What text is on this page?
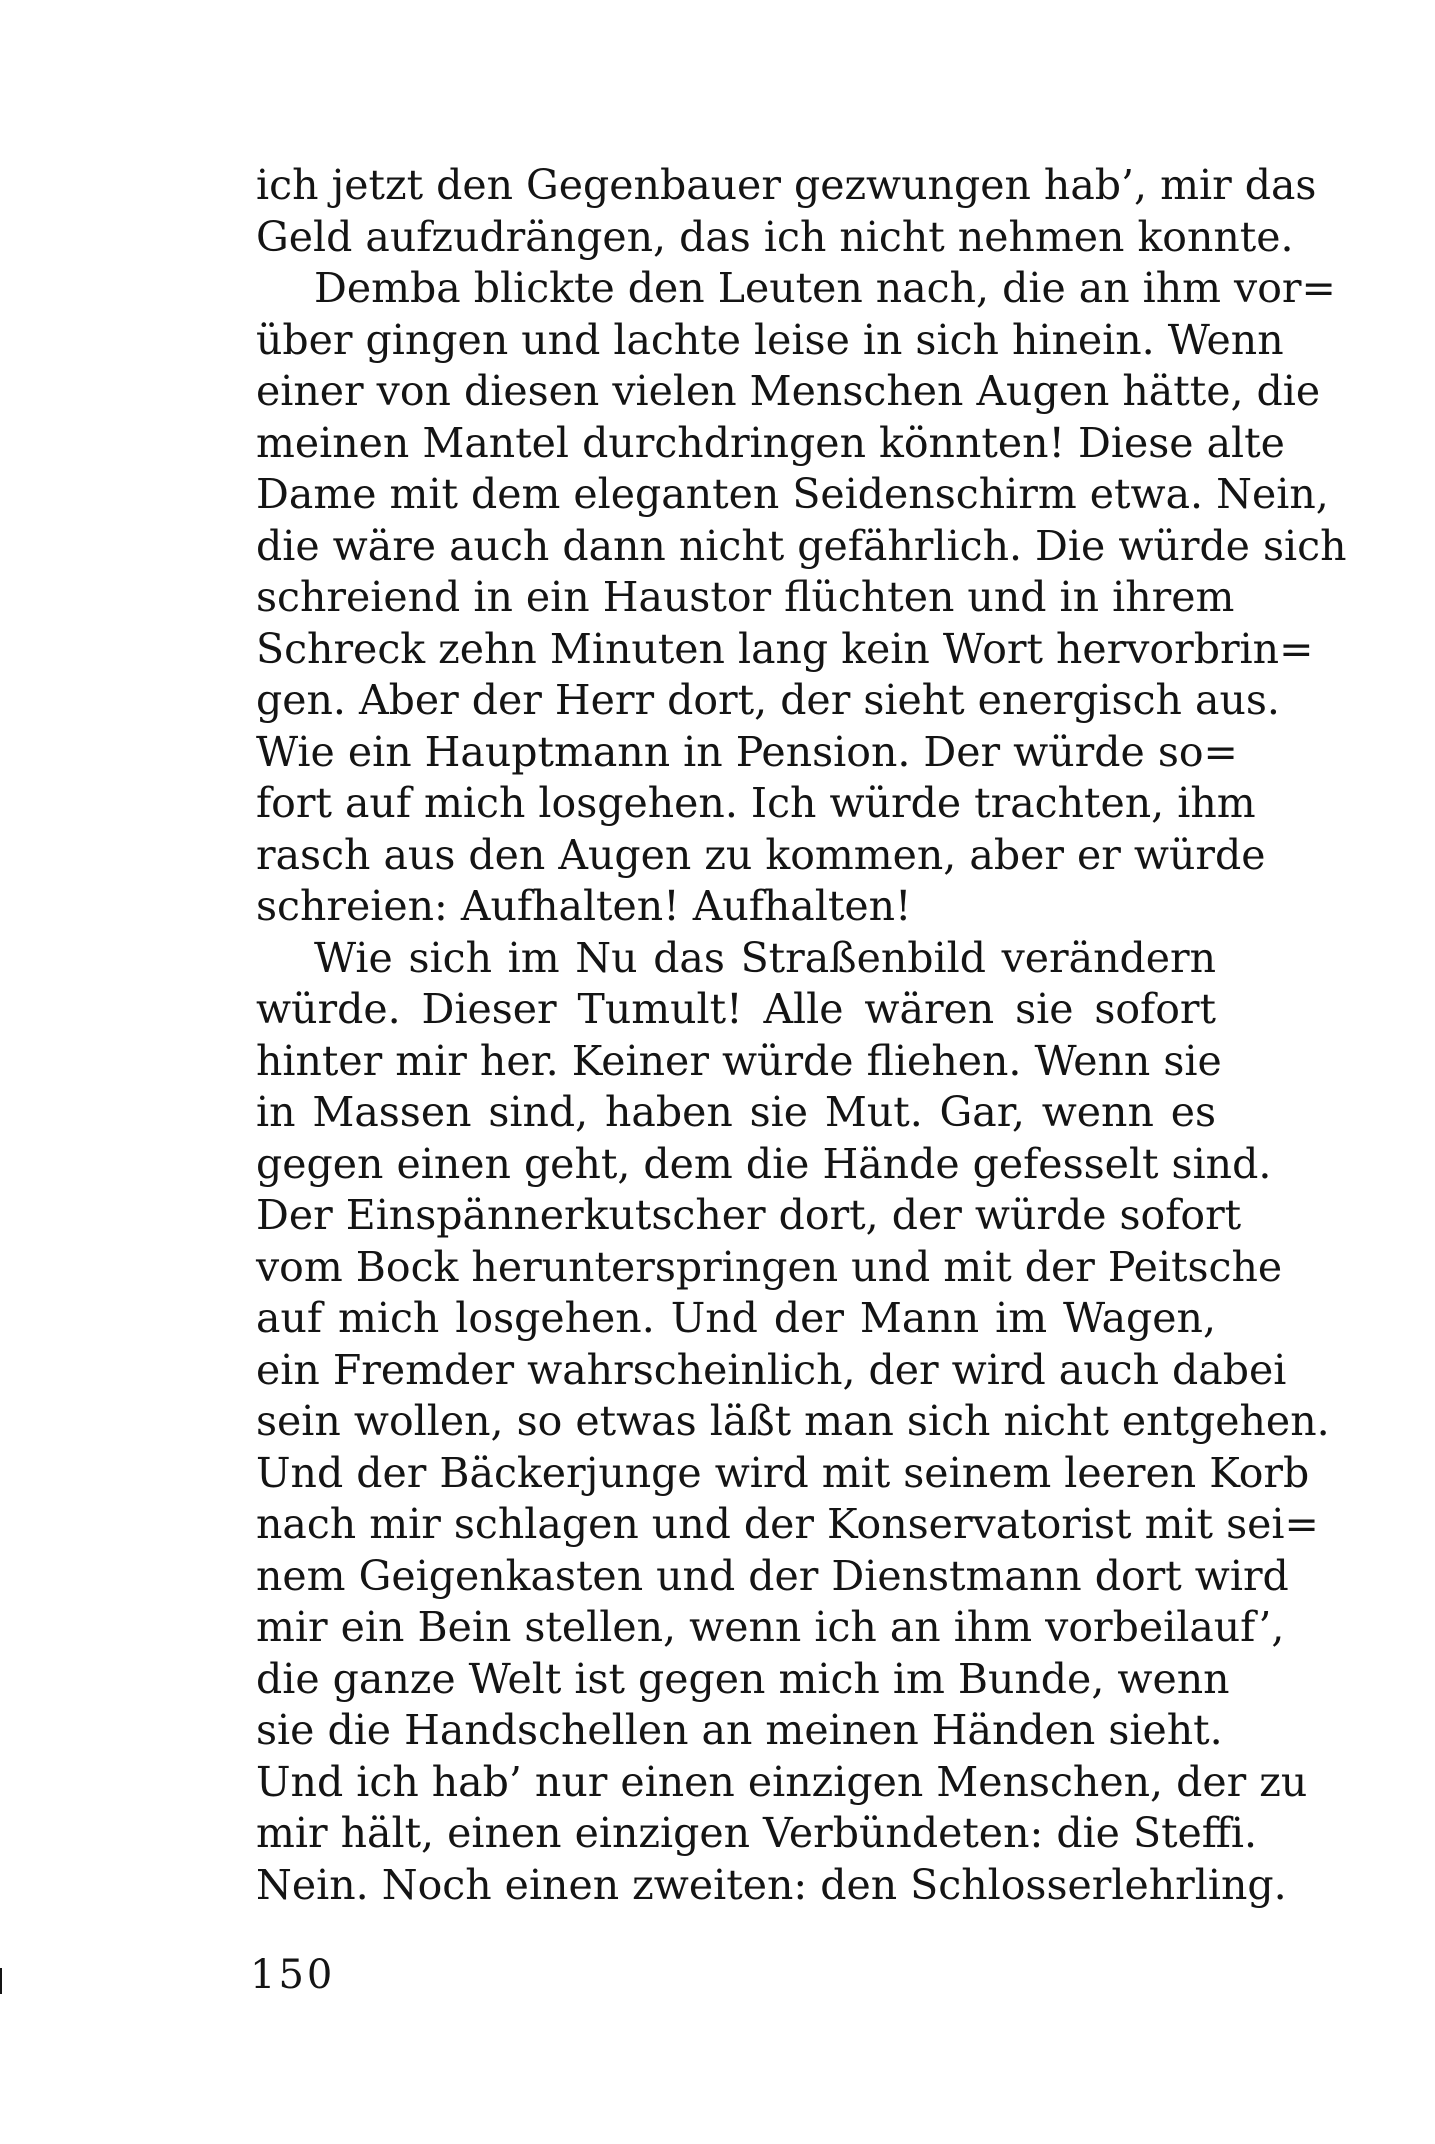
ich jetzt den Gegenbauer gezwungen hab’, mir das
Geld aufzudrängen, das ich nicht nehmen konnte.
Demba blickte den Leuten nach, die an ihm vor=
über gingen und lachte leise in sich hinein. Wenn
einer von diesen vielen Menschen Augen hätte, die
meinen Mantel durchdringen könnten! Diese alte
Dame mit dem eleganten Seidenschirm etwa. Nein,
die wäre auch dann nicht gefährlich. Die würde sich
schreiend in ein Haustor flüchten und in ihrem
Schreck zehn Minuten lang kein Wort hervorbrin=
gen. Aber der Herr dort, der sieht energisch aus.
Wie ein Hauptmann in Pension. Der würde so=
fort auf mich losgehen. Ich würde trachten, ihm
rasch aus den Augen zu kommen, aber er würde
schreien: Aufhalten! Aufhalten!
Wie sich im Nu das Straßenbild verändern
würde. Dieser Tumult! Alle wären sie sofort
hinter mir her. Keiner würde fliehen. Wenn sie
in Massen sind, haben sie Mut. Gar, wenn es
gegen einen geht, dem die Hände gefesselt sind.
Der Einspännerkutscher dort, der würde sofort
vom Bock herunterspringen und mit der Peitsche
auf mich losgehen. Und der Mann im Wagen,
ein Fremder wahrscheinlich, der wird auch dabei
sein wollen, so etwas läßt man sich nicht entgehen.
Und der Bäckerjunge wird mit seinem leeren Korb
nach mir schlagen und der Konservatorist mit sei=
nem Geigenkasten und der Dienstmann dort wird
mir ein Bein stellen, wenn ich an ihm vorbeilauf’,
die ganze Welt ist gegen mich im Bunde, wenn
sie die Handschellen an meinen Händen sieht.
Und ich hab’ nur einen einzigen Menschen, der zu
mir hält, einen einzigen Verbündeten: die Steffi.
Nein. Noch einen zweiten: den Schlosserlehrling.
150
